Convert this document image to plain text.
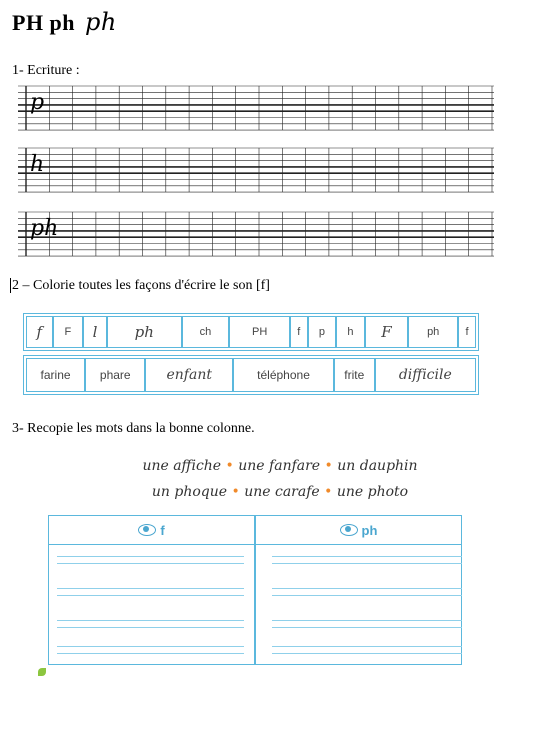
PH ph ph
1- Ecriture :
p
h
ph
2 – Colorie toutes les façons d'écrire le son [f]
f	F	l	ph	ch	PH	f	p	h	F	ph	f
farine	phare	enfant	téléphone	frite	difficile
3- Recopie les mots dans la bonne colonne.
une affiche • une fanfare • un dauphin
un phoque • une carafe • une photo
f	ph
